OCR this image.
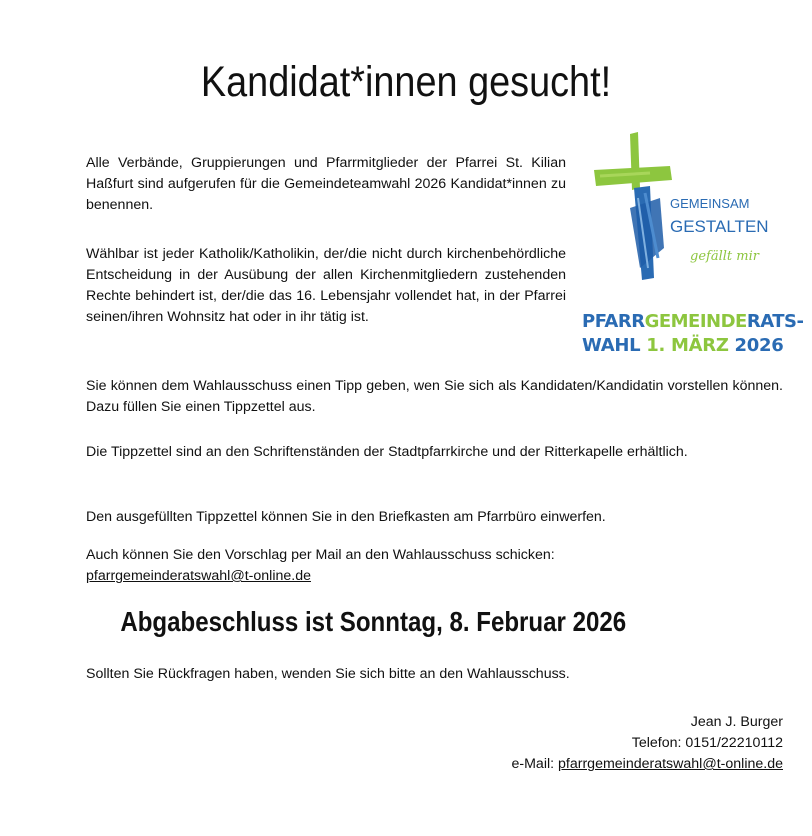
Kandidat*innen gesucht!

Alle Verbände, Gruppierungen und Pfarrmitglieder der Pfarrei St. Kilian Haßfurt sind aufgerufen für die Gemeindeteamwahl 2026 Kandidat*innen zu benennen.

Wählbar ist jeder Katholik/Katholikin, der/die nicht durch kirchenbehördliche Entscheidung in der Ausübung der allen Kirchenmitgliedern zustehenden Rechte behindert ist, der/die das 16. Lebensjahr vollendet hat, in der Pfarrei seinen/ihren Wohnsitz hat oder in ihr tätig ist.

Sie können dem Wahlausschuss einen Tipp geben, wen Sie sich als Kandidaten/Kandidatin vorstellen können. Dazu füllen Sie einen Tippzettel aus.

Die Tippzettel sind an den Schriftenständen der Stadtpfarrkirche und der Ritterkapelle erhältlich.

Den ausgefüllten Tippzettel können Sie in den Briefkasten am Pfarrbüro einwerfen.

Auch können Sie den Vorschlag per Mail an den Wahlausschuss schicken:
pfarrgemeinderatswahl@t-online.de

Abgabeschluss ist Sonntag, 8. Februar 2026

Sollten Sie Rückfragen haben, wenden Sie sich bitte an den Wahlausschuss.

Jean J. Burger
Telefon: 0151/22210112
e-Mail: pfarrgemeinderatswahl@t-online.de
GEMEINSAM
GESTALTEN
gefällt mir
PFARRGEMEINDERATS-
WAHL 1. MÄRZ 2026
